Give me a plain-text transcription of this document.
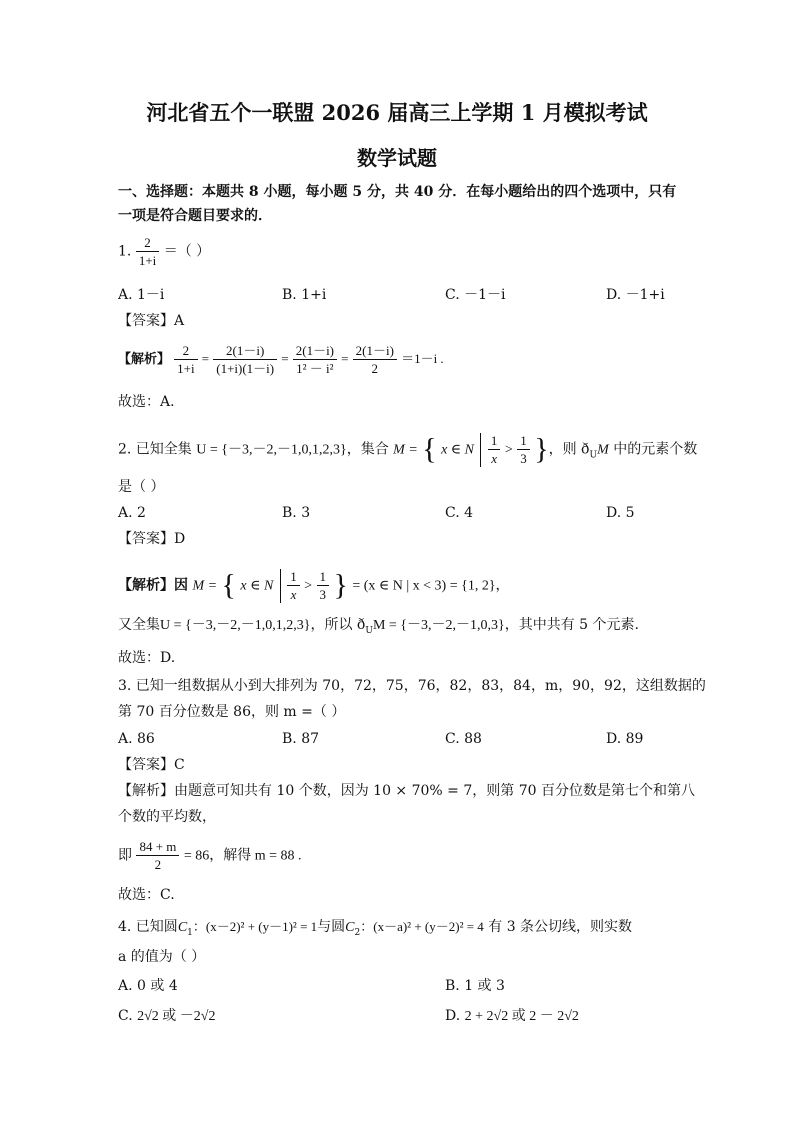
河北省五个一联盟 2026 届高三上学期 1 月模拟考试
数学试题
一、选择题：本题共 8 小题，每小题 5 分，共 40 分．在每小题给出的四个选项中，只有
一项是符合题目要求的．
1. $\frac{2}{1+i}$ ＝（ ）
A. 1－i	B. 1+i	C. －1－i	D. －1+i
【答案】A
【解析】 $\frac{2}{1+i} = \frac{2(1-i)}{(1+i)(1-i)} = \frac{2(1-i)}{\text{1² － i²}} = \frac{2(1-i)}{2} =1-i$ .
故选：A.
2. 已知全集 U = {－3,－2,－1,0,1,2,3}，集合 M = { x ∈ N $\frac{1}{x} > \frac{1}{3}$ }，则 $ð_UM$ 中的元素个数
是（ ）
A. 2	B. 3	C. 4	D. 5
【答案】D
【解析】因 M = { x ∈ N $\frac{1}{x} > \frac{1}{3}$ } = (x ∈ N | x < 3) = {1, 2}，
又全集U = {－3,－2,－1,0,1,2,3}，所以 $ð_UM = \{-3,-2,-1,0,3\}$，其中共有 5 个元素.
故选：D.
3. 已知一组数据从小到大排列为 70，72，75，76，82，83，84，m，90，92，这组数据的
第 70 百分位数是 86，则 m =（ ）
A. 86	B. 87	C. 88	D. 89
【答案】C
【解析】由题意可知共有 10 个数，因为 10 × 70% = 7，则第 70 百分位数是第七个和第八
个数的平均数，
即 $\frac{84 + m}{2} = 86$，解得 m = 88 .
故选：C.
4. 已知圆$C_1$：(x－2)² + (y－1)² = 1与圆$C_2$：(x－a)² + (y－2)² = 4 有 3 条公切线，则实数
a 的值为（ ）
A. 0 或 4	B. 1 或 3
C. 2√2 或 －2√2	D. 2 + 2√2 或 2 － 2√2
